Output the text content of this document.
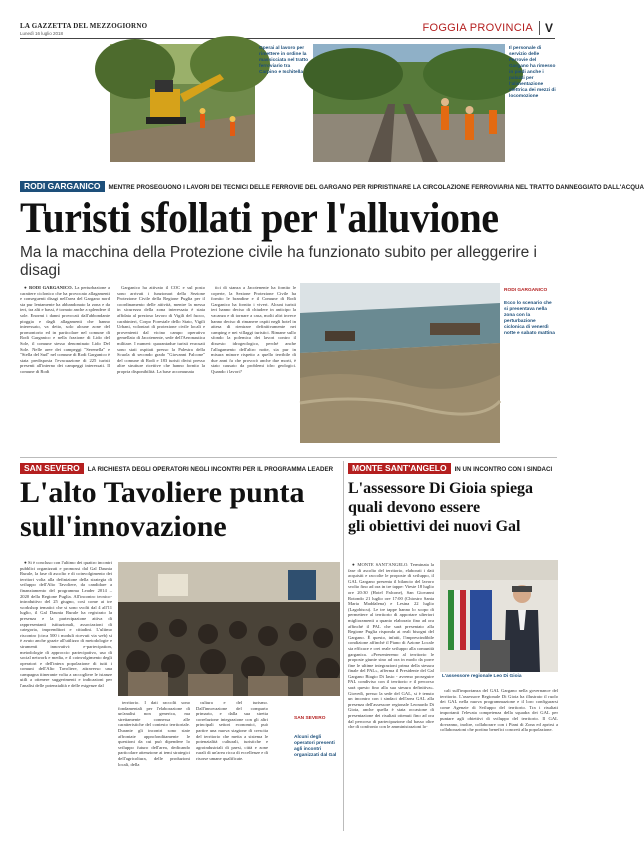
LA GAZZETTA DEL MEZZOGIORNO
Lunedì 16 luglio 2018	FOGGIA PROVINCIA V
Operai al lavoro per rimettere in ordine la massicciata nel tratto ferroviario tra Carpino e Ischitella
Il personale di servizio delle Ferrovie del Gargano ha rimesso in piedi anche i palazzi per l'alimentazione elettrica dei mezzi di locomozione
RODI GARGANICO MENTRE PROSEGUONO I LAVORI DEI TECNICI DELLE FERROVIE DEL GARGANO PER RIPRISTINARE LA CIRCOLAZIONE FERROVIARIA NEL TRATTO DANNEGGIATO DALL'ACQUA
Turisti sfollati per l'alluvione
Ma la macchina della Protezione civile ha funzionato subito per alleggerire i disagi

● RODI GARGANICO. La perturbazione a carattere ciclonico che ha provocato allagamenti e conseguenti disagi nell'area del Gargano nord sta pur lentamente ha abbandonato la zona e da ieri, tra alti e bassi, è tornato anche a splendere il sole. Enormi i danni provocati dall'abbondante pioggia e dagli allagamenti che hanno interessato, va detto, solo alcune zone del promontorio ed in particolare nel comune di Rodi Garganico e nella frazione di Lido del Sole, il comune stesso denominato Lido Del Sole. Nelle aree dei campeggi "Serenella" e "Stella del Sud" nel comune di Rodi Garganico è stata predisposta l'evacuazione di 225 turisti presenti all'interno dei campeggi interessati. Il comune di Rodi

Garganico ha attivato il COC e sul posto sono arrivati i funzionari della Sezione Protezione Civile della Regione Puglia per il coordinamento delle attività, mentre la messa in sicurezza della zona interessata è stata affidata al prezioso lavoro di Vigili del fuoco, carabinieri, Corpo Forestale dello Stato, Vigili Urbani, volontari di protezione civile locali e provenienti dal vicino campo operativo gemellato di Jacotenente, sede dell'Aeronautica militare. I numeri: quarantadue turisti evacuati sono stati ospitati presso la Palestra della Scuola di secondo grado "Giovanni Falcone" del comune di Rodi e 183 turisti divisi presso altre strutture ricettive che hanno fornito la propria disponibilità. La base accomunata

tici di stanza a Jacotenente ha fornito le coperte, la Sezione Protezione Civile ha fornito le brandine e il Comune di Rodi Garganico ha fornito i viveri. Alcuni turisti ieri hanno deciso di chiudere in anticipo la vacanza e di tornare a casa, molti altri invece hanno deciso di rimanere ospiti negli hotel in attesa di rientrare definitivamente nei camping e nei villaggi turistici. Rimane sullo sfondo la polemica dei lavori contro il dissesto idrogeologico, perché anche l'allagamento dell'altro notte, sia pur in misura minore rispetto a quello terribile di due anni fa che provocò anche due morti, è stato causato da problemi idro geologici. Quando i lavori?

RODI GARGANICO
Ecco lo scenario che si presentava nella zona con la perturbazione ciclonica di venerdì notte e sabato mattina
SAN SEVERO LA RICHIESTA DEGLI OPERATORI NEGLI INCONTRI PER IL PROGRAMMA LEADER
L'alto Tavoliere punta
sull'innovazione

● Si è concluso con l'ultimo dei quattro incontri pubblici organizzati e promossi dal Gal Daunia Rurale, la fase di ascolto e di coinvolgimento dei territori volta alla definizione della strategia di sviluppo dell'Alto Tavoliere, da candidare a finanziamento del programma Leader 2014 – 2020 della Regione Puglia. All'incontro tecnico-introduttivo del 25 giugno, così come ai tre workshop tematici che si sono svolti dal 4 all'11 luglio, il Gal Daunia Rurale ha registrato la presenza e la partecipazione attiva di rappresentanti istituzionali, associazioni di categoria, imprenditori e cittadini. L'ultimo riscontro (circa 500 i moduli ricevuti via web) si è avuto anche grazie all'utilizzo di metodologie e strumenti innovativi: e-partecipation, metodologie di approccio partecipativo, uso di social network e media, e il coinvolgimento degli operatori e dell'intera popolazione di tutti i comuni dell'Alto Tavoliere, attraverso una campagna itinerante volta a raccogliere le istanze utili a ottenere suggerimenti e indicazioni per l'analisi delle potenzialità e delle esigenze dal

territorio. I dati raccolti sono fondamentali per l'elaborazione di un'analisi non generica, ma strettamente connessa alle caratteristiche del contesto territoriale. Durante gli incontri sono state affrontate approfonditamente le questioni da cui può dipendere lo sviluppo futuro dell'area, dedicando particolare attenzione ai temi strategici dell'agricoltura, delle produzioni locali, della

cultura e del turismo. Dall'innovazione del comparto primario, e dalla sua stretta correlazione integrazione con gli altri principali settori economici, può partire una nuova stagione di crescita del territorio che metta a sistema le potenzialità culturali, turistiche e agroindustriali di paesi, città e zone rurali di un'area ricca di eccellenze e di risorse umane qualificate.

SAN SEVERO
Alcuni degli operatori presenti agli incontri organizzati dal Gal
MONTE SANT'ANGELO IN UN INCONTRO CON I SINDACI
L'assessore Di Gioia spiega
quali devono essere
gli obiettivi dei nuovi Gal

● MONTE SANT'ANGELO. Terminata la fase di ascolto del territorio, elaborati i dati acquisiti e raccolte le proposte di sviluppo, il GAL Gargano presenta il bilancio del lavoro svolto fino ad ora in tre tappe: Vieste 18 luglio ore 20:30 (Hotel Falcone), San Giovanni Rotondo 21 luglio ore 17:00 (Chiostro Santa Maria Maddalena) e Lesina 22 luglio (Lagobiscu). Le tre tappe hanno lo scopo di permettere al territorio di apportare ulteriori miglioramenti a quanto elaborato fino ad ora affinché il PAL che sarà presentato alla Regione Puglia risponda ai reali bisogni del Gargano. È questo, infatti, l'imprescindibile condizione affinché il Piano di Azione Locale sia efficace e crei reale sviluppo alla comunità garganica. «Presenteremo al territorio le proposte giunte sino ad ora in modo da porre fine le ultime integrazioni prima della stesura finale del PAL», afferma il Presidente del Gal Gargano Biagio Di Iasio - avremo proseguire PAL condiviso con il territorio e il percorso sarà questo fino alla sua stesura definitiva». Giovedì, presso la sede del GAL, si è tenuto un incontro con i sindaci dell'area GAL alla presenza dell'assessore regionale Leonardo Di Gioia, anche quella è stata occasione di presentazione dei risultati ottenuti fino ad ora dal percorso di partecipazione dal basso oltre che di confronto con le amministrazioni lo-

L'assessore regionale Leo Di Gioia

cali sull'importanza del GAL Gargano nella governance del territorio. L'assessore Regionale Di Gioia ha illustrato il ruolo dei GAL nella nuova programmazione e il loro configurarsi come Agenzie di Sviluppo del territorio. Tra i risultati importanti l'elevata competenza della squadra dei GAL per puntare agli obiettivi di sviluppo del territorio. Il GAL dovranno, inoltre, collaborare con i Piani di Zona ed aprirsi a collaborazioni che portino benefici concreti alla popolazione.
